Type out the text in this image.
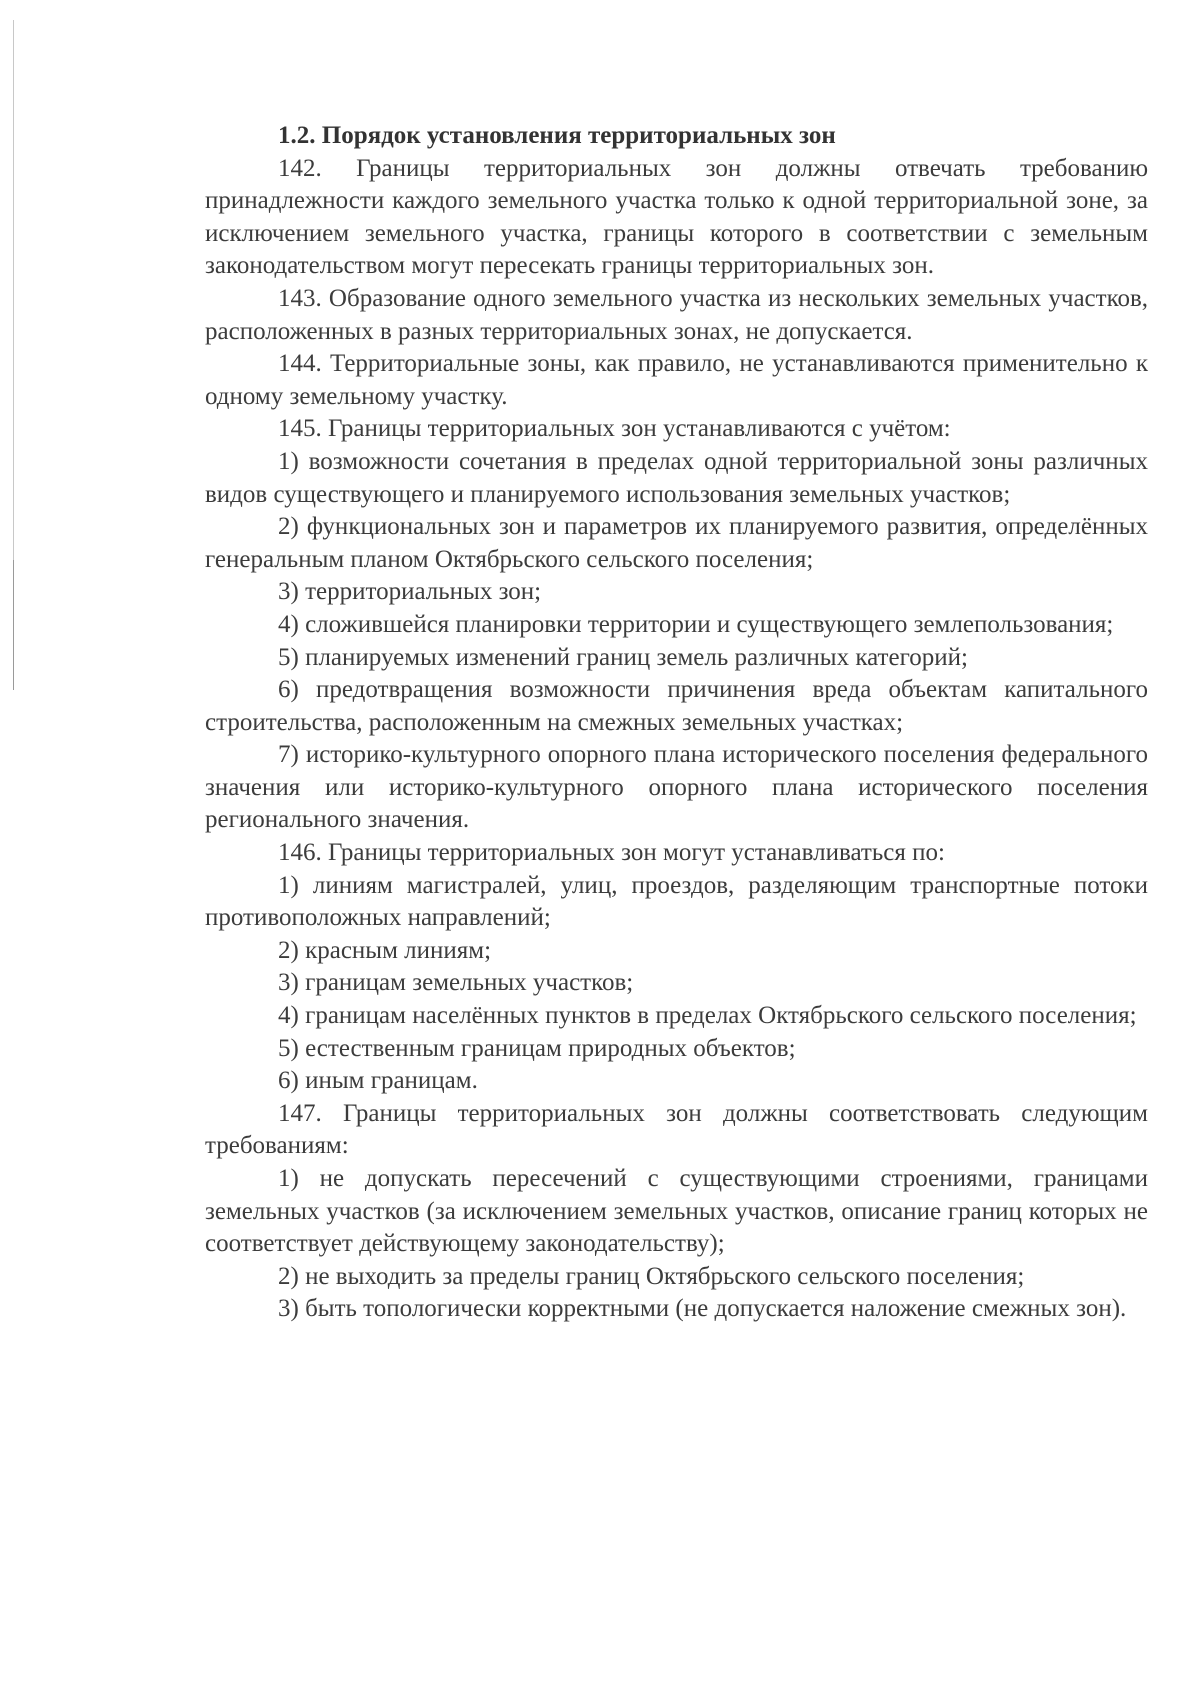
1.2. Порядок установления территориальных зон

142. Границы территориальных зон должны отвечать требованию принадлежности каждого земельного участка только к одной территориальной зоне, за исключением земельного участка, границы которого в соответствии с земельным законодательством могут пересекать границы территориальных зон.

143. Образование одного земельного участка из нескольких земельных участков, расположенных в разных территориальных зонах, не допускается.

144. Территориальные зоны, как правило, не устанавливаются применительно к одному земельному участку.

145. Границы территориальных зон устанавливаются с учётом:

1) возможности сочетания в пределах одной территориальной зоны различных видов существующего и планируемого использования земельных участков;

2) функциональных зон и параметров их планируемого развития, определённых генеральным планом Октябрьского сельского поселения;

3) территориальных зон;

4) сложившейся планировки территории и существующего землепользования;

5) планируемых изменений границ земель различных категорий;

6) предотвращения возможности причинения вреда объектам капитального строительства, расположенным на смежных земельных участках;

7) историко-культурного опорного плана исторического поселения федерального значения или историко-культурного опорного плана исторического поселения регионального значения.

146. Границы территориальных зон могут устанавливаться по:

1) линиям магистралей, улиц, проездов, разделяющим транспортные потоки противоположных направлений;

2) красным линиям;

3) границам земельных участков;

4) границам населённых пунктов в пределах Октябрьского сельского поселения;

5) естественным границам природных объектов;

6) иным границам.

147. Границы территориальных зон должны соответствовать следующим требованиям:

1) не допускать пересечений с существующими строениями, границами земельных участков (за исключением земельных участков, описание границ которых не соответствует действующему законодательству);

2) не выходить за пределы границ Октябрьского сельского поселения;

3) быть топологически корректными (не допускается наложение смежных зон).
